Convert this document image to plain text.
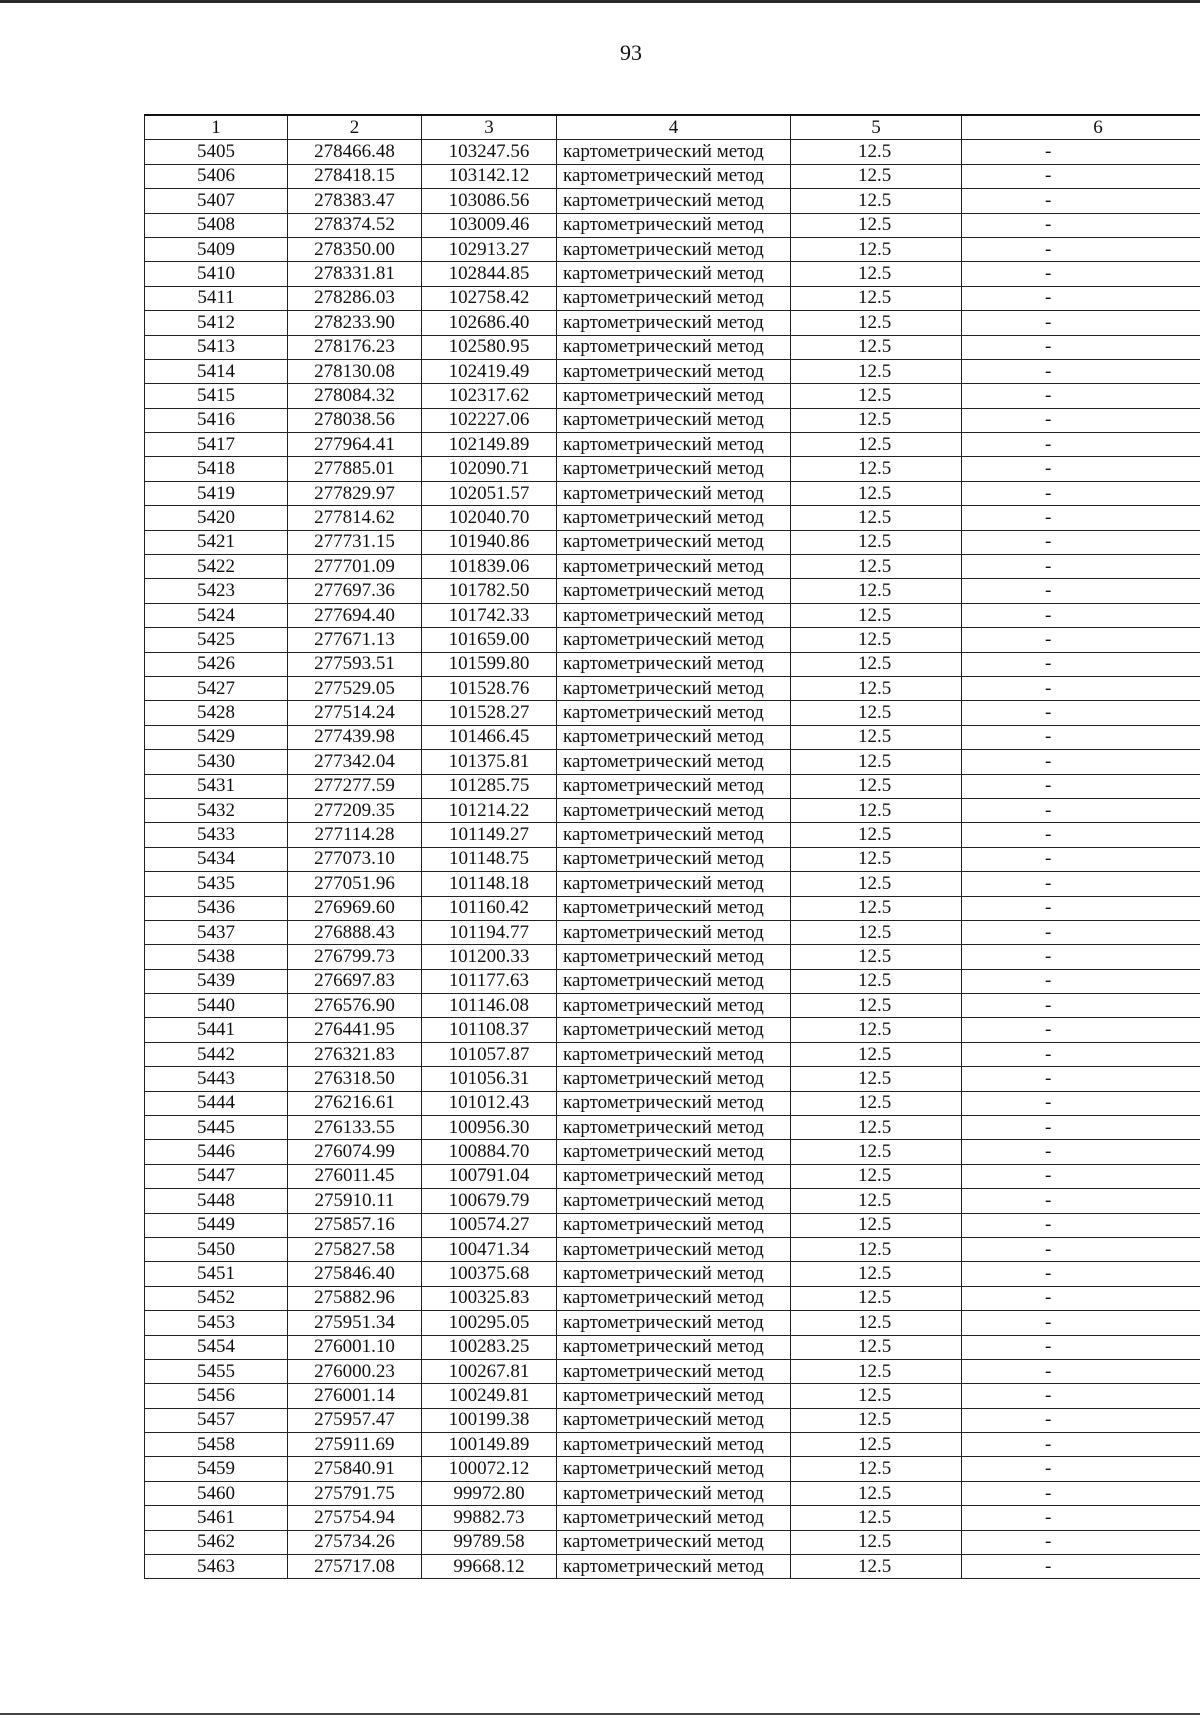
93
1	2	3	4	5	6
5405	278466.48	103247.56	картометрический метод	12.5	-
5406	278418.15	103142.12	картометрический метод	12.5	-
5407	278383.47	103086.56	картометрический метод	12.5	-
5408	278374.52	103009.46	картометрический метод	12.5	-
5409	278350.00	102913.27	картометрический метод	12.5	-
5410	278331.81	102844.85	картометрический метод	12.5	-
5411	278286.03	102758.42	картометрический метод	12.5	-
5412	278233.90	102686.40	картометрический метод	12.5	-
5413	278176.23	102580.95	картометрический метод	12.5	-
5414	278130.08	102419.49	картометрический метод	12.5	-
5415	278084.32	102317.62	картометрический метод	12.5	-
5416	278038.56	102227.06	картометрический метод	12.5	-
5417	277964.41	102149.89	картометрический метод	12.5	-
5418	277885.01	102090.71	картометрический метод	12.5	-
5419	277829.97	102051.57	картометрический метод	12.5	-
5420	277814.62	102040.70	картометрический метод	12.5	-
5421	277731.15	101940.86	картометрический метод	12.5	-
5422	277701.09	101839.06	картометрический метод	12.5	-
5423	277697.36	101782.50	картометрический метод	12.5	-
5424	277694.40	101742.33	картометрический метод	12.5	-
5425	277671.13	101659.00	картометрический метод	12.5	-
5426	277593.51	101599.80	картометрический метод	12.5	-
5427	277529.05	101528.76	картометрический метод	12.5	-
5428	277514.24	101528.27	картометрический метод	12.5	-
5429	277439.98	101466.45	картометрический метод	12.5	-
5430	277342.04	101375.81	картометрический метод	12.5	-
5431	277277.59	101285.75	картометрический метод	12.5	-
5432	277209.35	101214.22	картометрический метод	12.5	-
5433	277114.28	101149.27	картометрический метод	12.5	-
5434	277073.10	101148.75	картометрический метод	12.5	-
5435	277051.96	101148.18	картометрический метод	12.5	-
5436	276969.60	101160.42	картометрический метод	12.5	-
5437	276888.43	101194.77	картометрический метод	12.5	-
5438	276799.73	101200.33	картометрический метод	12.5	-
5439	276697.83	101177.63	картометрический метод	12.5	-
5440	276576.90	101146.08	картометрический метод	12.5	-
5441	276441.95	101108.37	картометрический метод	12.5	-
5442	276321.83	101057.87	картометрический метод	12.5	-
5443	276318.50	101056.31	картометрический метод	12.5	-
5444	276216.61	101012.43	картометрический метод	12.5	-
5445	276133.55	100956.30	картометрический метод	12.5	-
5446	276074.99	100884.70	картометрический метод	12.5	-
5447	276011.45	100791.04	картометрический метод	12.5	-
5448	275910.11	100679.79	картометрический метод	12.5	-
5449	275857.16	100574.27	картометрический метод	12.5	-
5450	275827.58	100471.34	картометрический метод	12.5	-
5451	275846.40	100375.68	картометрический метод	12.5	-
5452	275882.96	100325.83	картометрический метод	12.5	-
5453	275951.34	100295.05	картометрический метод	12.5	-
5454	276001.10	100283.25	картометрический метод	12.5	-
5455	276000.23	100267.81	картометрический метод	12.5	-
5456	276001.14	100249.81	картометрический метод	12.5	-
5457	275957.47	100199.38	картометрический метод	12.5	-
5458	275911.69	100149.89	картометрический метод	12.5	-
5459	275840.91	100072.12	картометрический метод	12.5	-
5460	275791.75	99972.80	картометрический метод	12.5	-
5461	275754.94	99882.73	картометрический метод	12.5	-
5462	275734.26	99789.58	картометрический метод	12.5	-
5463	275717.08	99668.12	картометрический метод	12.5	-
